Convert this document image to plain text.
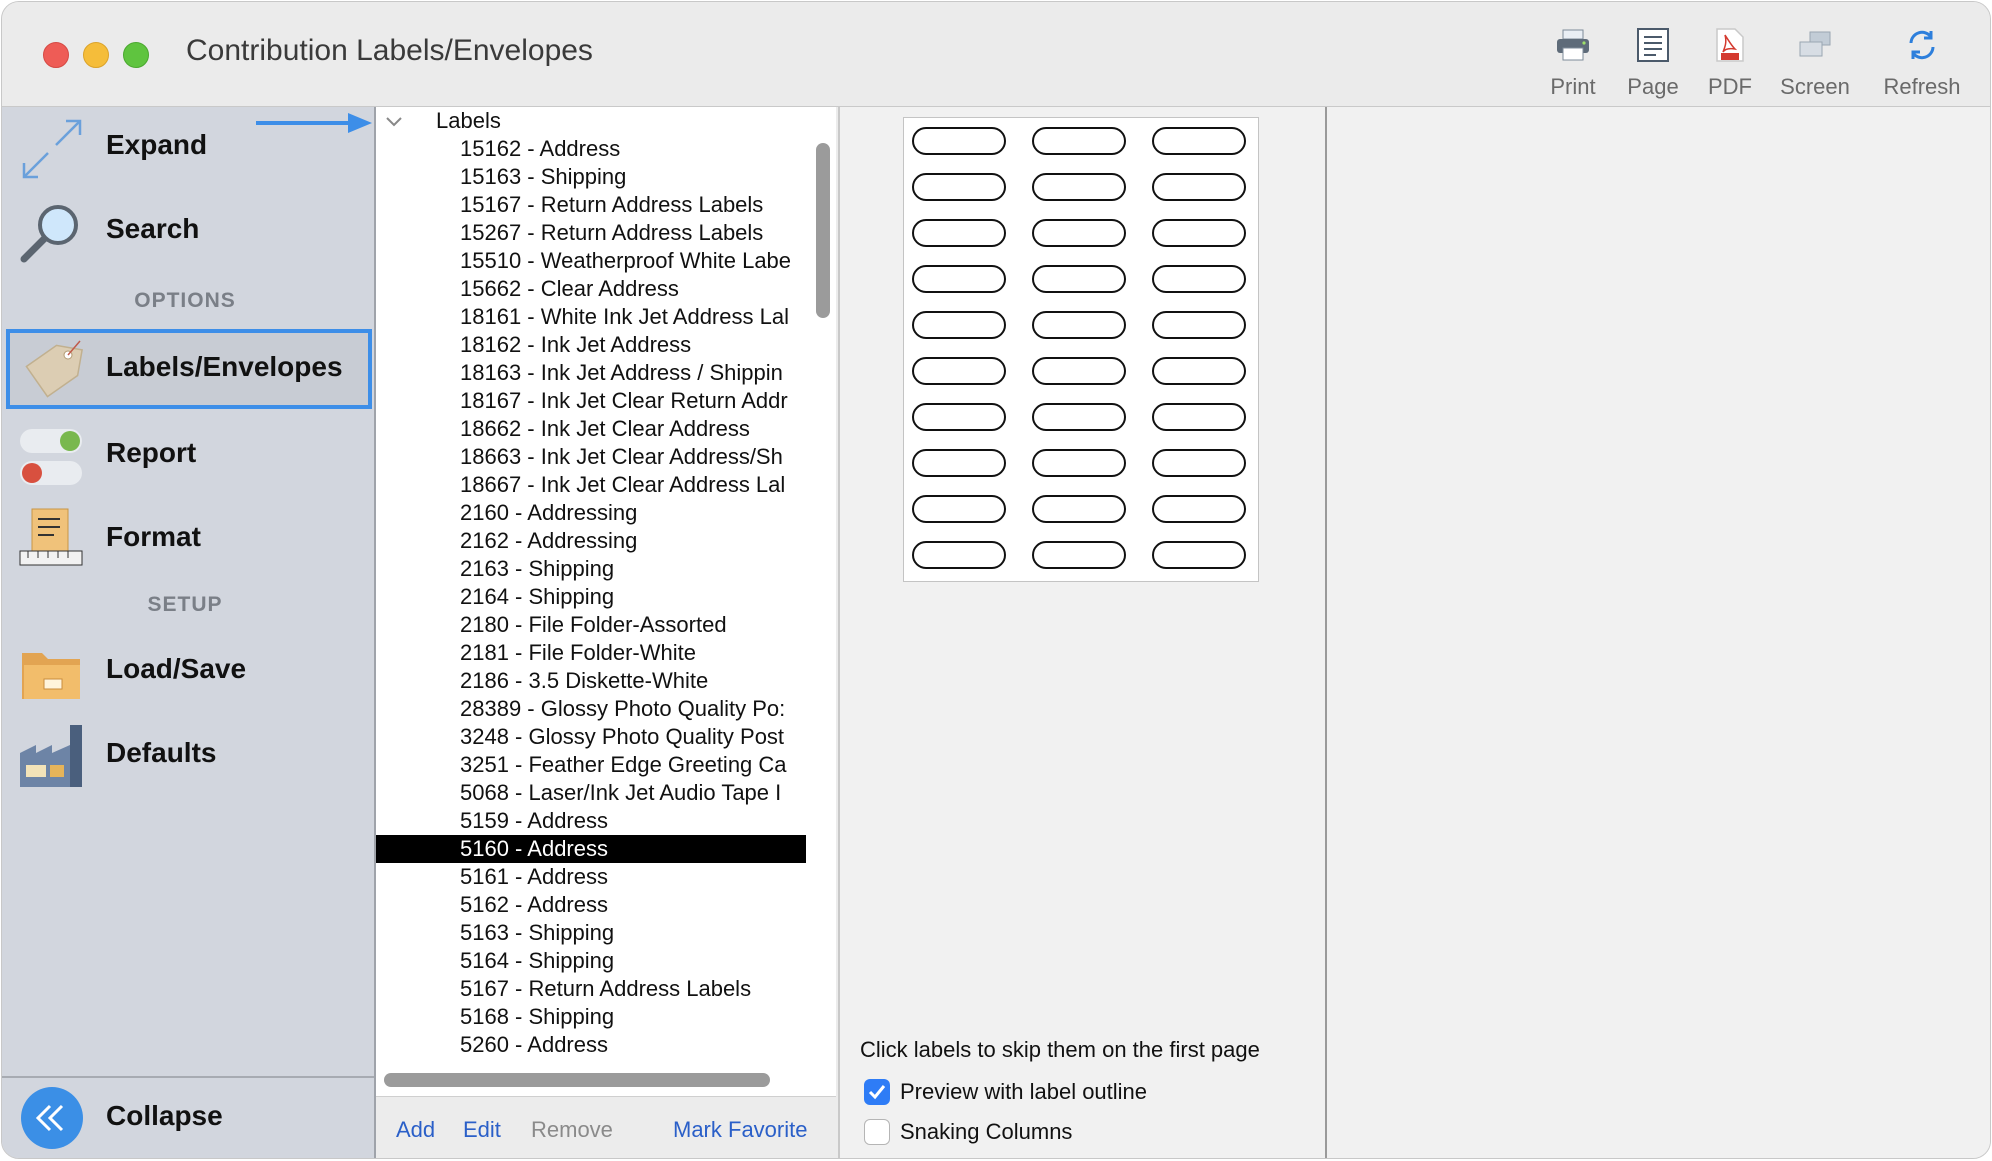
Contribution Labels/Envelopes
Print	Page	PDF	Screen	Refresh
Expand
Search
OPTIONS
Labels/Envelopes
Report
Format
SETUP
Load/Save
Defaults
Collapse
Labels
15162 - Address
15163 - Shipping
15167 - Return Address Labels
15267 - Return Address Labels
15510 - Weatherproof White Labe
15662 - Clear Address
18161 - White Ink Jet Address Lal
18162 - Ink Jet Address
18163 - Ink Jet Address / Shippin
18167 - Ink Jet Clear Return Addr
18662 - Ink Jet Clear Address
18663 - Ink Jet Clear Address/Sh
18667 - Ink Jet Clear Address Lal
2160 - Addressing
2162 - Addressing
2163 - Shipping
2164 - Shipping
2180 - File Folder-Assorted
2181 - File Folder-White
2186 - 3.5 Diskette-White
28389 - Glossy Photo Quality Po:
3248 - Glossy Photo Quality Post
3251 - Feather Edge Greeting Ca
5068 - Laser/Ink Jet Audio Tape I
5159 - Address
5160 - Address
5161 - Address
5162 - Address
5163 - Shipping
5164 - Shipping
5167 - Return Address Labels
5168 - Shipping
5260 - Address
Add Edit Remove	Mark Favorite
Click labels to skip them on the first page
Preview with label outline
Snaking Columns
